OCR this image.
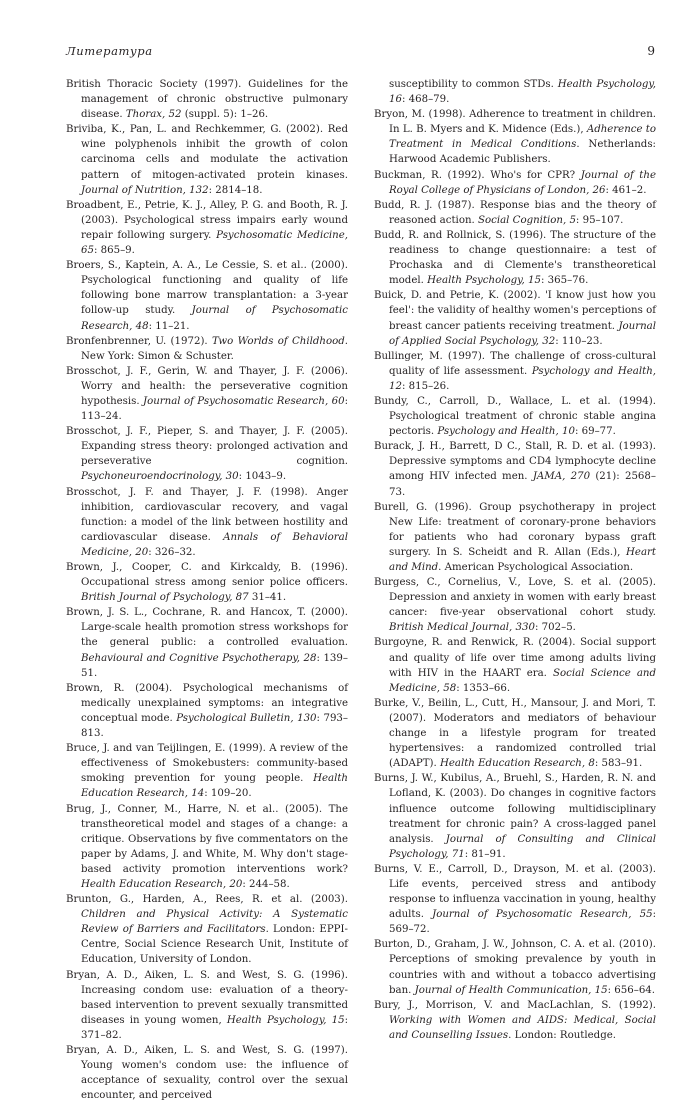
Литература	9

British Thoracic Society (1997). Guidelines for the management of chronic obstructive pulmonary disease. Thorax, 52 (suppl. 5): 1–26.

Briviba, K., Pan, L. and Rechkemmer, G. (2002). Red wine polyphenols inhibit the growth of colon carcinoma cells and modulate the activation pattern of mitogen-activated protein kinases. Journal of Nutrition, 132: 2814–18.

Broadbent, E., Petrie, K. J., Alley, P. G. and Booth, R. J. (2003). Psychological stress impairs early wound repair following surgery. Psychosomatic Medicine, 65: 865–9.

Broers, S., Kaptein, A. A., Le Cessie, S. et al.. (2000). Psychological functioning and quality of life following bone marrow transplantation: a 3-year follow-up study. Journal of Psychosomatic Research, 48: 11–21.

Bronfenbrenner, U. (1972). Two Worlds of Childhood. New York: Simon & Schuster.

Brosschot, J. F., Gerin, W. and Thayer, J. F. (2006). Worry and health: the perseverative cognition hypothesis. Journal of Psychosomatic Research, 60: 113–24.

Brosschot, J. F., Pieper, S. and Thayer, J. F. (2005). Expanding stress theory: prolonged activation and perseverative cognition. Psychoneuroendocrinology, 30: 1043–9.

Brosschot, J. F. and Thayer, J. F. (1998). Anger inhibition, cardiovascular recovery, and vagal function: a model of the link between hostility and cardiovascular disease. Annals of Behavioral Medicine, 20: 326–32.

Brown, J., Cooper, C. and Kirkcaldy, B. (1996). Occupational stress among senior police officers. British Journal of Psychology, 87 31–41.

Brown, J. S. L., Cochrane, R. and Hancox, T. (2000). Large-scale health promotion stress workshops for the general public: a controlled evaluation. Behavioural and Cognitive Psychotherapy, 28: 139–51.

Brown, R. (2004). Psychological mechanisms of medically unexplained symptoms: an integrative conceptual mode. Psychological Bulletin, 130: 793–813.

Bruce, J. and van Teijlingen, E. (1999). A review of the effectiveness of Smokebusters: community-based smoking prevention for young people. Health Education Research, 14: 109–20.

Brug, J., Conner, M., Harre, N. et al.. (2005). The transtheoretical model and stages of a change: a critique. Observations by five commentators on the paper by Adams, J. and White, M. Why don't stage-based activity promotion interventions work? Health Education Research, 20: 244–58.

Brunton, G., Harden, A., Rees, R. et al. (2003). Children and Physical Activity: A Systematic Review of Barriers and Facilitators. London: EPPI-Centre, Social Science Research Unit, Institute of Education, University of London.

Bryan, A. D., Aiken, L. S. and West, S. G. (1996). Increasing condom use: evaluation of a theory-based intervention to prevent sexually transmitted diseases in young women, Health Psychology, 15: 371–82.

Bryan, A. D., Aiken, L. S. and West, S. G. (1997). Young women's condom use: the influence of acceptance of sexuality, control over the sexual encounter, and perceived

susceptibility to common STDs. Health Psychology, 16: 468–79.

Bryon, M. (1998). Adherence to treatment in children. In L. B. Myers and K. Midence (Eds.), Adherence to Treatment in Medical Conditions. Netherlands: Harwood Academic Publishers.

Buckman, R. (1992). Who's for CPR? Journal of the Royal College of Physicians of London, 26: 461–2.

Budd, R. J. (1987). Response bias and the theory of reasoned action. Social Cognition, 5: 95–107.

Budd, R. and Rollnick, S. (1996). The structure of the readiness to change questionnaire: a test of Prochaska and di Clemente's transtheoretical model. Health Psychology, 15: 365–76.

Buick, D. and Petrie, K. (2002). 'I know just how you feel': the validity of healthy women's perceptions of breast cancer patients receiving treatment. Journal of Applied Social Psychology, 32: 110–23.

Bullinger, M. (1997). The challenge of cross-cultural quality of life assessment. Psychology and Health, 12: 815–26.

Bundy, C., Carroll, D., Wallace, L. et al. (1994). Psychological treatment of chronic stable angina pectoris. Psychology and Health, 10: 69–77.

Burack, J. H., Barrett, D C., Stall, R. D. et al. (1993). Depressive symptoms and CD4 lymphocyte decline among HIV infected men. JAMA, 270 (21): 2568–73.

Burell, G. (1996). Group psychotherapy in project New Life: treatment of coronary-prone behaviors for patients who had coronary bypass graft surgery. In S. Scheidt and R. Allan (Eds.), Heart and Mind. American Psychological Association.

Burgess, C., Cornelius, V., Love, S. et al. (2005). Depression and anxiety in women with early breast cancer: five-year observational cohort study. British Medical Journal, 330: 702–5.

Burgoyne, R. and Renwick, R. (2004). Social support and quality of life over time among adults living with HIV in the HAART era. Social Science and Medicine, 58: 1353–66.

Burke, V., Beilin, L., Cutt, H., Mansour, J. and Mori, T. (2007). Moderators and mediators of behaviour change in a lifestyle program for treated hypertensives: a randomized controlled trial (ADAPT). Health Education Research, 8: 583–91.

Burns, J. W., Kubilus, A., Bruehl, S., Harden, R. N. and Lofland, K. (2003). Do changes in cognitive factors influence outcome following multidisciplinary treatment for chronic pain? A cross-lagged panel analysis. Journal of Consulting and Clinical Psychology, 71: 81–91.

Burns, V. E., Carroll, D., Drayson, M. et al. (2003). Life events, perceived stress and antibody response to influenza vaccination in young, healthy adults. Journal of Psychosomatic Research, 55: 569–72.

Burton, D., Graham, J. W., Johnson, C. A. et al. (2010). Perceptions of smoking prevalence by youth in countries with and without a tobacco advertising ban. Journal of Health Communication, 15: 656–64.

Bury, J., Morrison, V. and MacLachlan, S. (1992). Working with Women and AIDS: Medical, Social and Counselling Issues. London: Routledge.
